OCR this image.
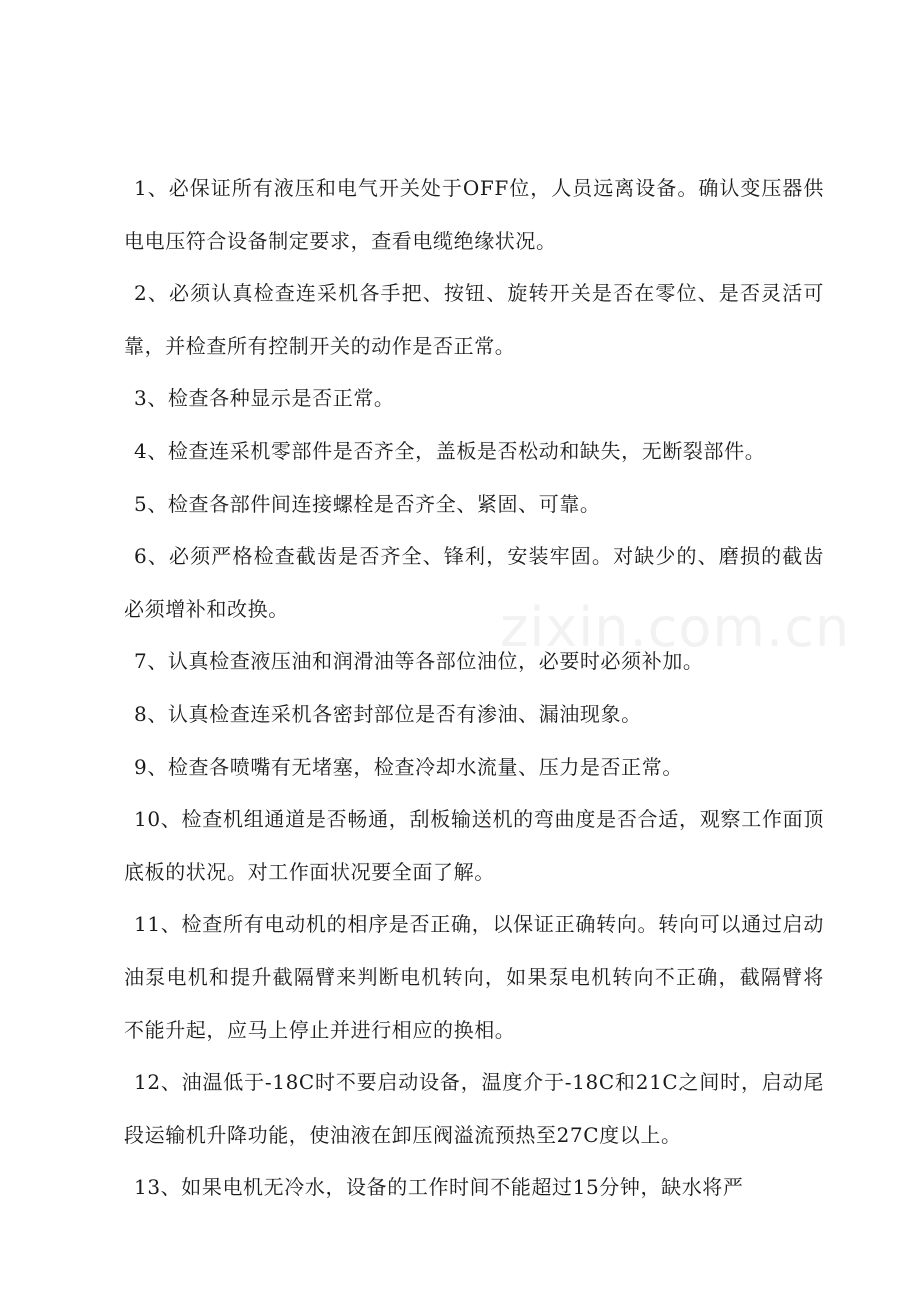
1、必保证所有液压和电气开关处于OFF位，人员远离设备。确认变压器供电电压符合设备制定要求，查看电缆绝缘状况。

2、必须认真检查连采机各手把、按钮、旋转开关是否在零位、是否灵活可靠，并检查所有控制开关的动作是否正常。

3、检查各种显示是否正常。

4、检查连采机零部件是否齐全，盖板是否松动和缺失，无断裂部件。

5、检查各部件间连接螺栓是否齐全、紧固、可靠。

6、必须严格检查截齿是否齐全、锋利，安装牢固。对缺少的、磨损的截齿必须增补和改换。

7、认真检查液压油和润滑油等各部位油位，必要时必须补加。

8、认真检查连采机各密封部位是否有渗油、漏油现象。

9、检查各喷嘴有无堵塞，检查冷却水流量、压力是否正常。

10、检查机组通道是否畅通，刮板输送机的弯曲度是否合适，观察工作面顶底板的状况。对工作面状况要全面了解。

11、检查所有电动机的相序是否正确，以保证正确转向。转向可以通过启动油泵电机和提升截隔臂来判断电机转向，如果泵电机转向不正确，截隔臂将不能升起，应马上停止并进行相应的换相。

12、油温低于-18C时不要启动设备，温度介于-18C和21C之间时，启动尾段运输机升降功能，使油液在卸压阀溢流预热至27C度以上。

13、如果电机无冷水，设备的工作时间不能超过15分钟，缺水将严

zixin.com.cn
